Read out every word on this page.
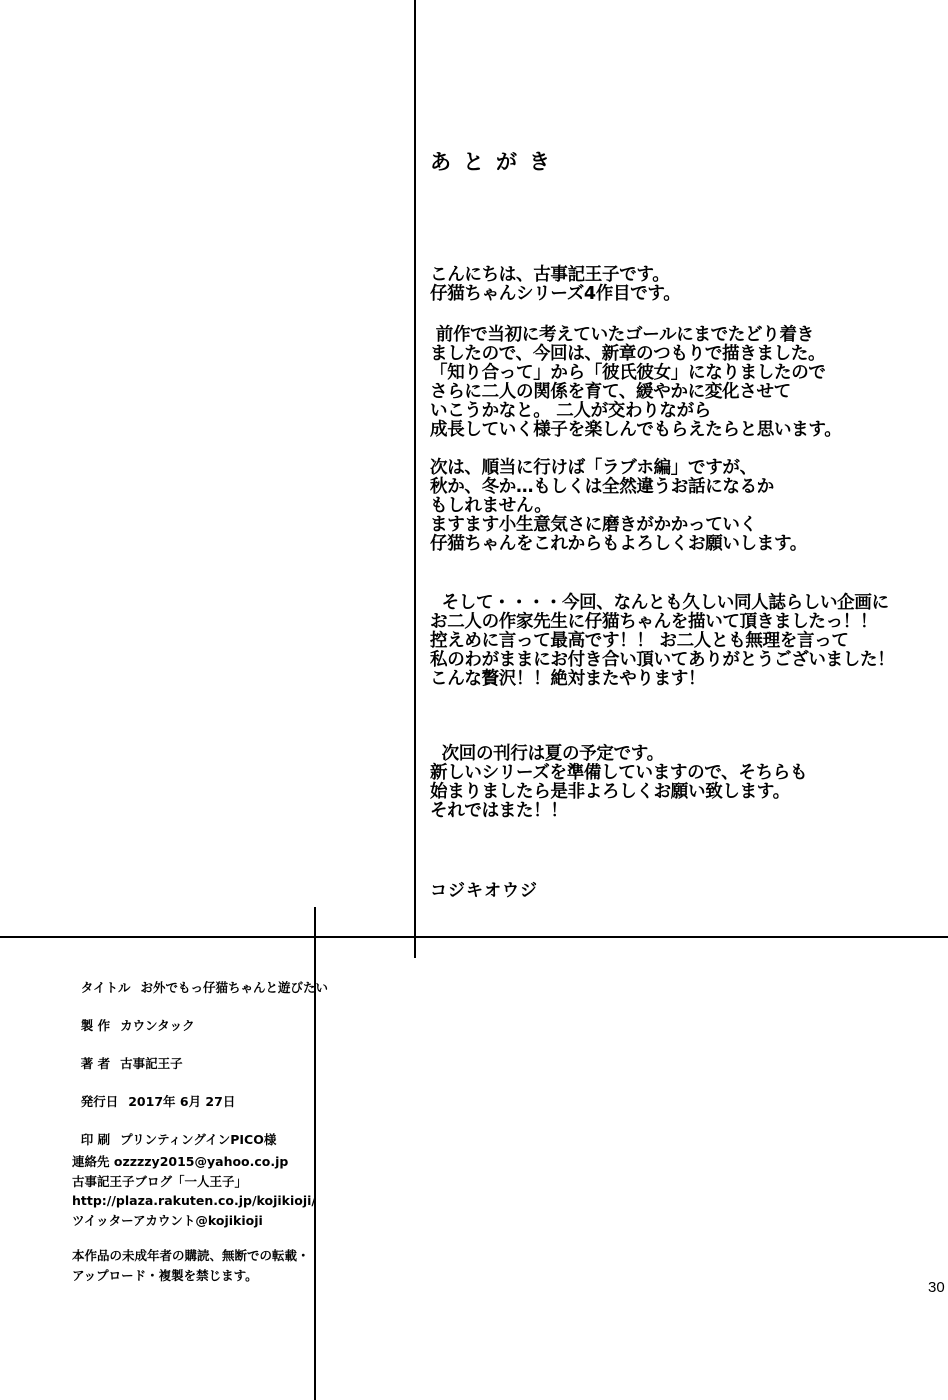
あとがき

こんにちは、古事記王子です。
仔猫ちゃんシリーズ4作目です。

前作で当初に考えていたゴールにまでたどり着き
ましたので、今回は、新章のつもりで描きました。
「知り合って」から「彼氏彼女」になりましたので
さらに二人の関係を育て、緩やかに変化させて
いこうかなと。 二人が交わりながら
成長していく様子を楽しんでもらえたらと思います。

次は、順当に行けば「ラブホ編」ですが、
秋か、冬か…もしくは全然違うお話になるか
もしれません。
ますます小生意気さに磨きがかかっていく
仔猫ちゃんをこれからもよろしくお願いします。

そして・・・・今回、なんとも久しい同人誌らしい企画に
お二人の作家先生に仔猫ちゃんを描いて頂きましたっ！！
控えめに言って最高です！！ お二人とも無理を言って
私のわがままにお付き合い頂いてありがとうございました！
こんな贅沢！！絶対またやります！

次回の刊行は夏の予定です。
新しいシリーズを準備していますので、そちらも
始まりましたら是非よろしくお願い致します。
それではまた！！

コジキオウジ

タイトル お外でもっ仔猫ちゃんと遊びたい

製 作 カウンタック

著 者 古事記王子

発行日 2017年 6月 27日

印 刷 プリンティングインPICO様

連絡先 ozzzzy2015@yahoo.co.jp
古事記王子ブログ「一人王子」
http://plaza.rakuten.co.jp/kojikioji/
ツイッターアカウント@kojikioji

本作品の未成年者の購読、無断での転載・
アップロード・複製を禁じます。

30
